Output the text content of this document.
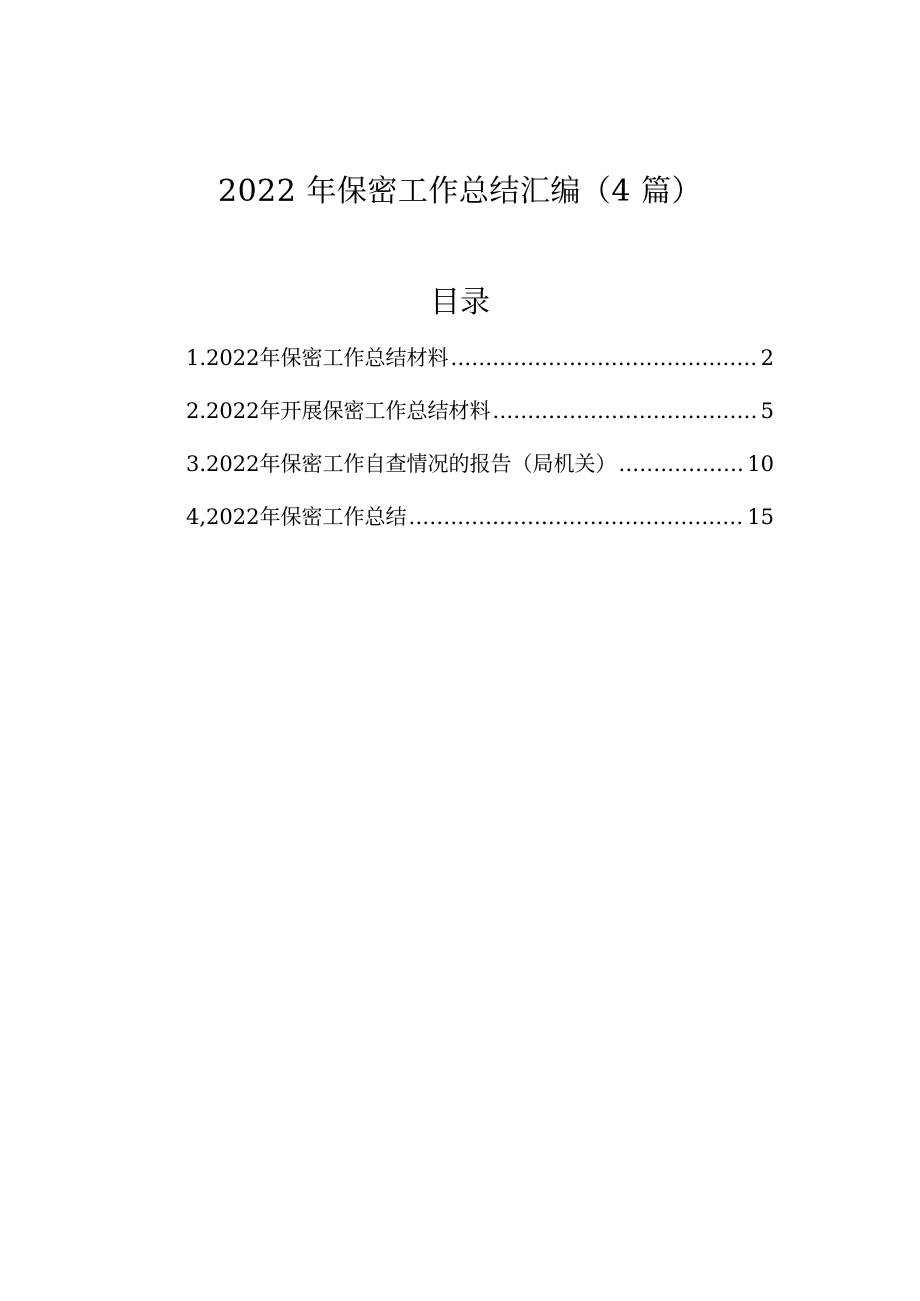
2022 年保密工作总结汇编（4 篇）
目录
1.2022 年保密工作总结材料 .....	2
2.2022 年开展保密工作总结材料 .....	5
3.2022 年保密工作自查情况的报告（局机关） .....	10
4,2022 年保密工作总结 .....	15
